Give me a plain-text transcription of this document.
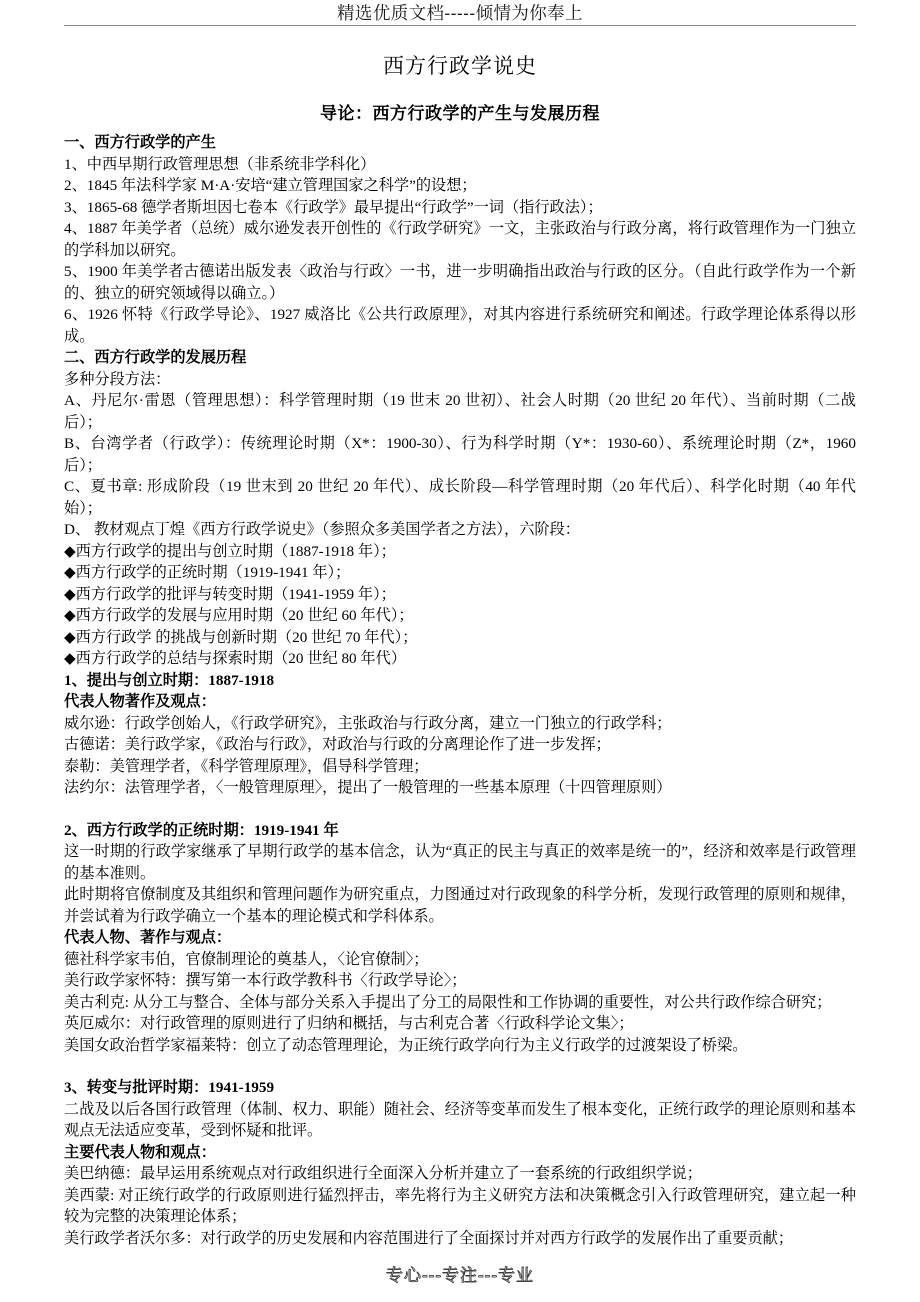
精选优质文档-----倾情为你奉上
西方行政学说史
导论：西方行政学的产生与发展历程

一、西方行政学的产生

1、中西早期行政管理思想（非系统非学科化）

2、1845 年法科学家 M·A·安培“建立管理国家之科学”的设想；

3、1865-68 德学者斯坦因七卷本《行政学》最早提出“行政学”一词（指行政法）；

4、1887 年美学者（总统）威尔逊发表开创性的《行政学研究》一文，主张政治与行政分离，将行政管理作为一门独立的学科加以研究。

5、1900 年美学者古德诺出版发表〈政治与行政〉一书，进一步明确指出政治与行政的区分。（自此行政学作为一个新的、独立的研究领域得以确立。）

6、1926 怀特《行政学导论》、1927 威洛比《公共行政原理》，对其内容进行系统研究和阐述。行政学理论体系得以形成。

二、西方行政学的发展历程

多种分段方法：

A、丹尼尔·雷恩（管理思想）：科学管理时期（19 世末 20 世初）、社会人时期（20 世纪 20 年代）、当前时期（二战后）；

B、台湾学者（行政学）：传统理论时期（X*：1900-30）、行为科学时期（Y*：1930-60）、系统理论时期（Z*，1960 后）；

C、夏书章: 形成阶段（19 世末到 20 世纪 20 年代）、成长阶段—科学管理时期（20 年代后）、科学化时期（40 年代始）；

D、 教材观点丁煌《西方行政学说史》（参照众多美国学者之方法），六阶段：

◆西方行政学的提出与创立时期（1887-1918 年）；

◆西方行政学的正统时期（1919-1941 年）；

◆西方行政学的批评与转变时期（1941-1959 年）；

◆西方行政学的发展与应用时期（20 世纪 60 年代）；

◆西方行政学 的挑战与创新时期（20 世纪 70 年代）；

◆西方行政学的总结与探索时期（20 世纪 80 年代）

1、提出与创立时期：1887-1918

代表人物著作及观点：

威尔逊：行政学创始人，《行政学研究》，主张政治与行政分离，建立一门独立的行政学科；

古德诺：美行政学家，《政治与行政》，对政治与行政的分离理论作了进一步发挥；

泰勒：美管理学者，《科学管理原理》，倡导科学管理；

法约尔：法管理学者，〈一般管理原理〉，提出了一般管理的一些基本原理（十四管理原则）

2、西方行政学的正统时期：1919-1941 年

这一时期的行政学家继承了早期行政学的基本信念，认为“真正的民主与真正的效率是统一的”，经济和效率是行政管理的基本准则。

此时期将官僚制度及其组织和管理问题作为研究重点，力图通过对行政现象的科学分析，发现行政管理的原则和规律，并尝试着为行政学确立一个基本的理论模式和学科体系。

代表人物、著作与观点：

德社科学家韦伯，官僚制理论的奠基人，〈论官僚制〉；

美行政学家怀特：撰写第一本行政学教科书〈行政学导论〉；

美古利克: 从分工与整合、全体与部分关系入手提出了分工的局限性和工作协调的重要性，对公共行政作综合研究；

英厄威尔：对行政管理的原则进行了归纳和概括，与古利克合著〈行政科学论文集〉；

美国女政治哲学家福莱特：创立了动态管理理论，为正统行政学向行为主义行政学的过渡架设了桥梁。

3、转变与批评时期：1941-1959

二战及以后各国行政管理（体制、权力、职能）随社会、经济等变革而发生了根本变化，正统行政学的理论原则和基本观点无法适应变革，受到怀疑和批评。

主要代表人物和观点：

美巴纳德：最早运用系统观点对行政组织进行全面深入分析并建立了一套系统的行政组织学说；

美西蒙: 对正统行政学的行政原则进行猛烈抨击，率先将行为主义研究方法和决策概念引入行政管理研究，建立起一种较为完整的决策理论体系；

美行政学者沃尔多：对行政学的历史发展和内容范围进行了全面探讨并对西方行政学的发展作出了重要贡献；

专心---专注---专业
